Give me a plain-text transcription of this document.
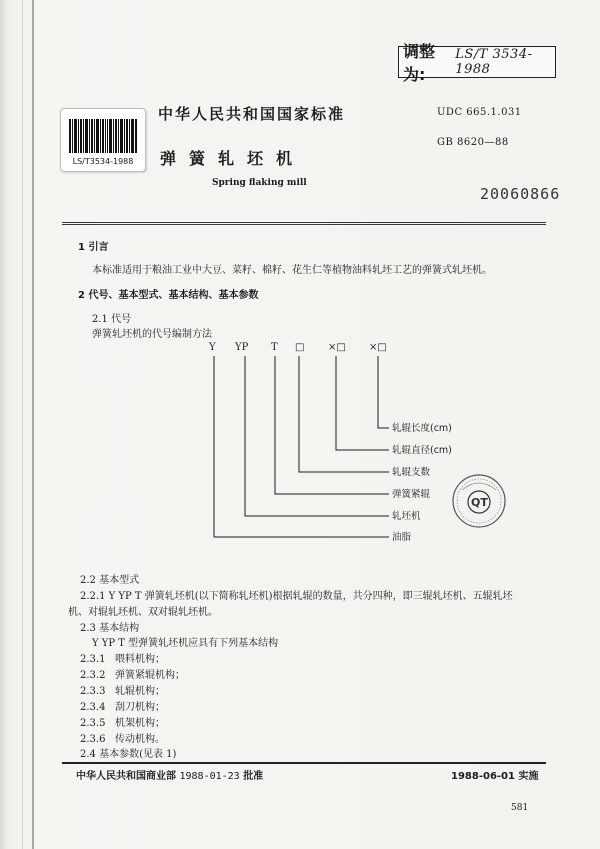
调整为:
LS/T 3534-1988
LS/T3534-1988
中华人民共和国国家标准	UDC 665.1.031
弹簧轧坯机
GB 8620—88
Spring flaking mill
20060866
1 引言
本标准适用于粮油工业中大豆、菜籽、棉籽、花生仁等植物油料轧坯工艺的弹簧式轧坯机。
2 代号、基本型式、基本结构、基本参数
2.1 代号
弹簧轧坯机的代号编制方法
Y YP T □ ×□ ×□
轧辊长度(cm)
轧辊直径(cm)
轧辊支数
弹簧紧辊
轧坯机
油脂
QT
2.2 基本型式
2.2.1 Y YP T 弹簧轧坯机(以下简称轧坯机)根据轧辊的数量，共分四种，即三辊轧坯机、五辊轧坯
机、对辊轧坯机、双对辊轧坯机。
2.3 基本结构
Y YP T 型弹簧轧坯机应具有下列基本结构
2.3.1 喂料机构；
2.3.2 弹簧紧辊机构；
2.3.3 轧辊机构；
2.3.4 刮刀机构；
2.3.5 机架机构；
2.3.6 传动机构。
2.4 基本参数(见表 1)
中华人民共和国商业部 1988-01-23 批准	1988-06-01 实施
581
